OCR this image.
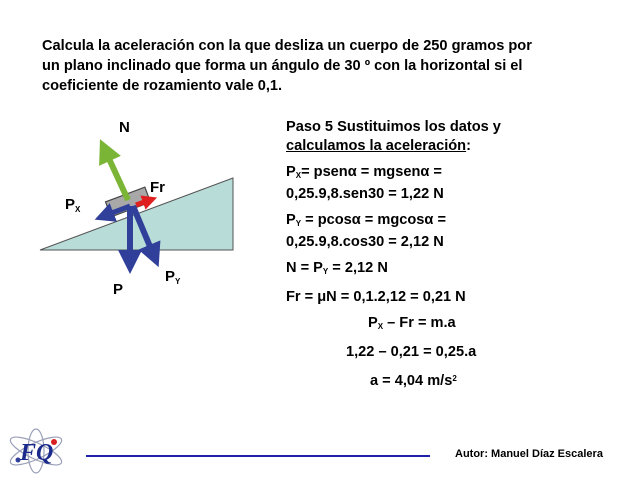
Calcula la aceleración con la que desliza un cuerpo de 250 gramos por
un plano inclinado que forma un ángulo de 30 º con la horizontal si el
coeficiente de rozamiento vale 0,1.

N
Fr
$P_X$
P
$P_Y$

Paso 5 Sustituimos los datos y
calculamos la aceleración:

$P_X=$ psenα = mgsenα =
0,25.9,8.sen30 = 1,22 N

$P_Y = pcos\alpha = mgcos\alpha$ =
0,25.9,8.cos30 = 2,12 N

$N = P_Y = 2,12$ N

Fr = μN = 0,1.2,12 = 0,21 N

$P_X - Fr = m.a$

1,22 – 0,21 = 0,25.a

a = 4,04 $m/s^2$

FQ	Autor: Manuel Díaz Escalera
